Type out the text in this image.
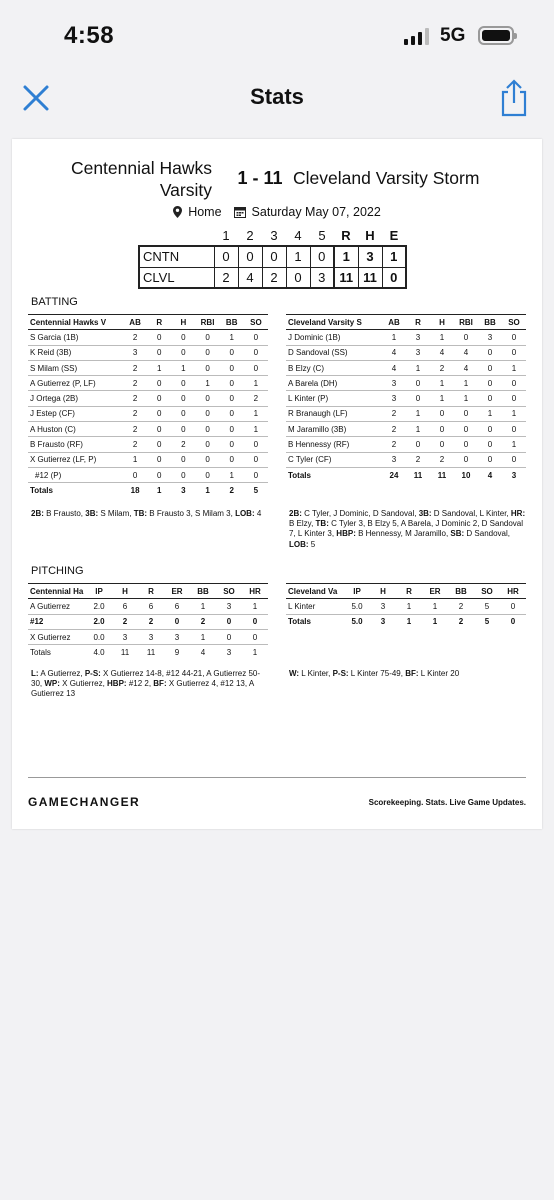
4:58	5G
Stats
Centennial Hawks
Varsity
1 - 11 Cleveland Varsity Storm
Home Saturday May 07, 2022
	1	2	3	4	5	R	H	E
CNTN	0	0	0	1	0	1	3	1
CLVL	2	4	2	0	3	11	11	0
BATTING
Centennial Hawks V	AB	R	H	RBI	BB	SO
S Garcia (1B)	2	0	0	0	1	0
K Reid (3B)	3	0	0	0	0	0
S Milam (SS)	2	1	1	0	0	0
A Gutierrez (P, LF)	2	0	0	1	0	1
J Ortega (2B)	2	0	0	0	0	2
J Estep (CF)	2	0	0	0	0	1
A Huston (C)	2	0	0	0	0	1
B Frausto (RF)	2	0	2	0	0	0
X Gutierrez (LF, P)	1	0	0	0	0	0
#12 (P)	0	0	0	0	1	0
Totals	18	1	3	1	2	5
Cleveland Varsity S	AB	R	H	RBI	BB	SO
J Dominic (1B)	1	3	1	0	3	0
D Sandoval (SS)	4	3	4	4	0	0
B Elzy (C)	4	1	2	4	0	1
A Barela (DH)	3	0	1	1	0	0
L Kinter (P)	3	0	1	1	0	0
R Branaugh (LF)	2	1	0	0	1	1
M Jaramillo (3B)	2	1	0	0	0	0
B Hennessy (RF)	2	0	0	0	0	1
C Tyler (CF)	3	2	2	0	0	0
Totals	24	11	11	10	4	3
2B: B Frausto, 3B: S Milam, TB: B Frausto 3, S Milam 3, LOB: 4	2B: C Tyler, J Dominic, D Sandoval, 3B: D Sandoval, L Kinter, HR: B Elzy, TB: C Tyler 3, B Elzy 5, A Barela, J Dominic 2, D Sandoval 7, L Kinter 3, HBP: B Hennessy, M Jaramillo, SB: D Sandoval, LOB: 5
PITCHING
Centennial Ha	IP	H	R	ER	BB	SO	HR
A Gutierrez	2.0	6	6	6	1	3	1
#12	2.0	2	2	0	2	0	0
X Gutierrez	0.0	3	3	3	1	0	0
Totals	4.0	11	11	9	4	3	1
Cleveland Va	IP	H	R	ER	BB	SO	HR
L Kinter	5.0	3	1	1	2	5	0
Totals	5.0	3	1	1	2	5	0
L: A Gutierrez, P-S: X Gutierrez 14-8, #12 44-21, A Gutierrez 50-30, WP: X Gutierrez, HBP: #12 2, BF: X Gutierrez 4, #12 13, A Gutierrez 13
W: L Kinter, P-S: L Kinter 75-49, BF: L Kinter 20
GAMECHANGER	Scorekeeping. Stats. Live Game Updates.
